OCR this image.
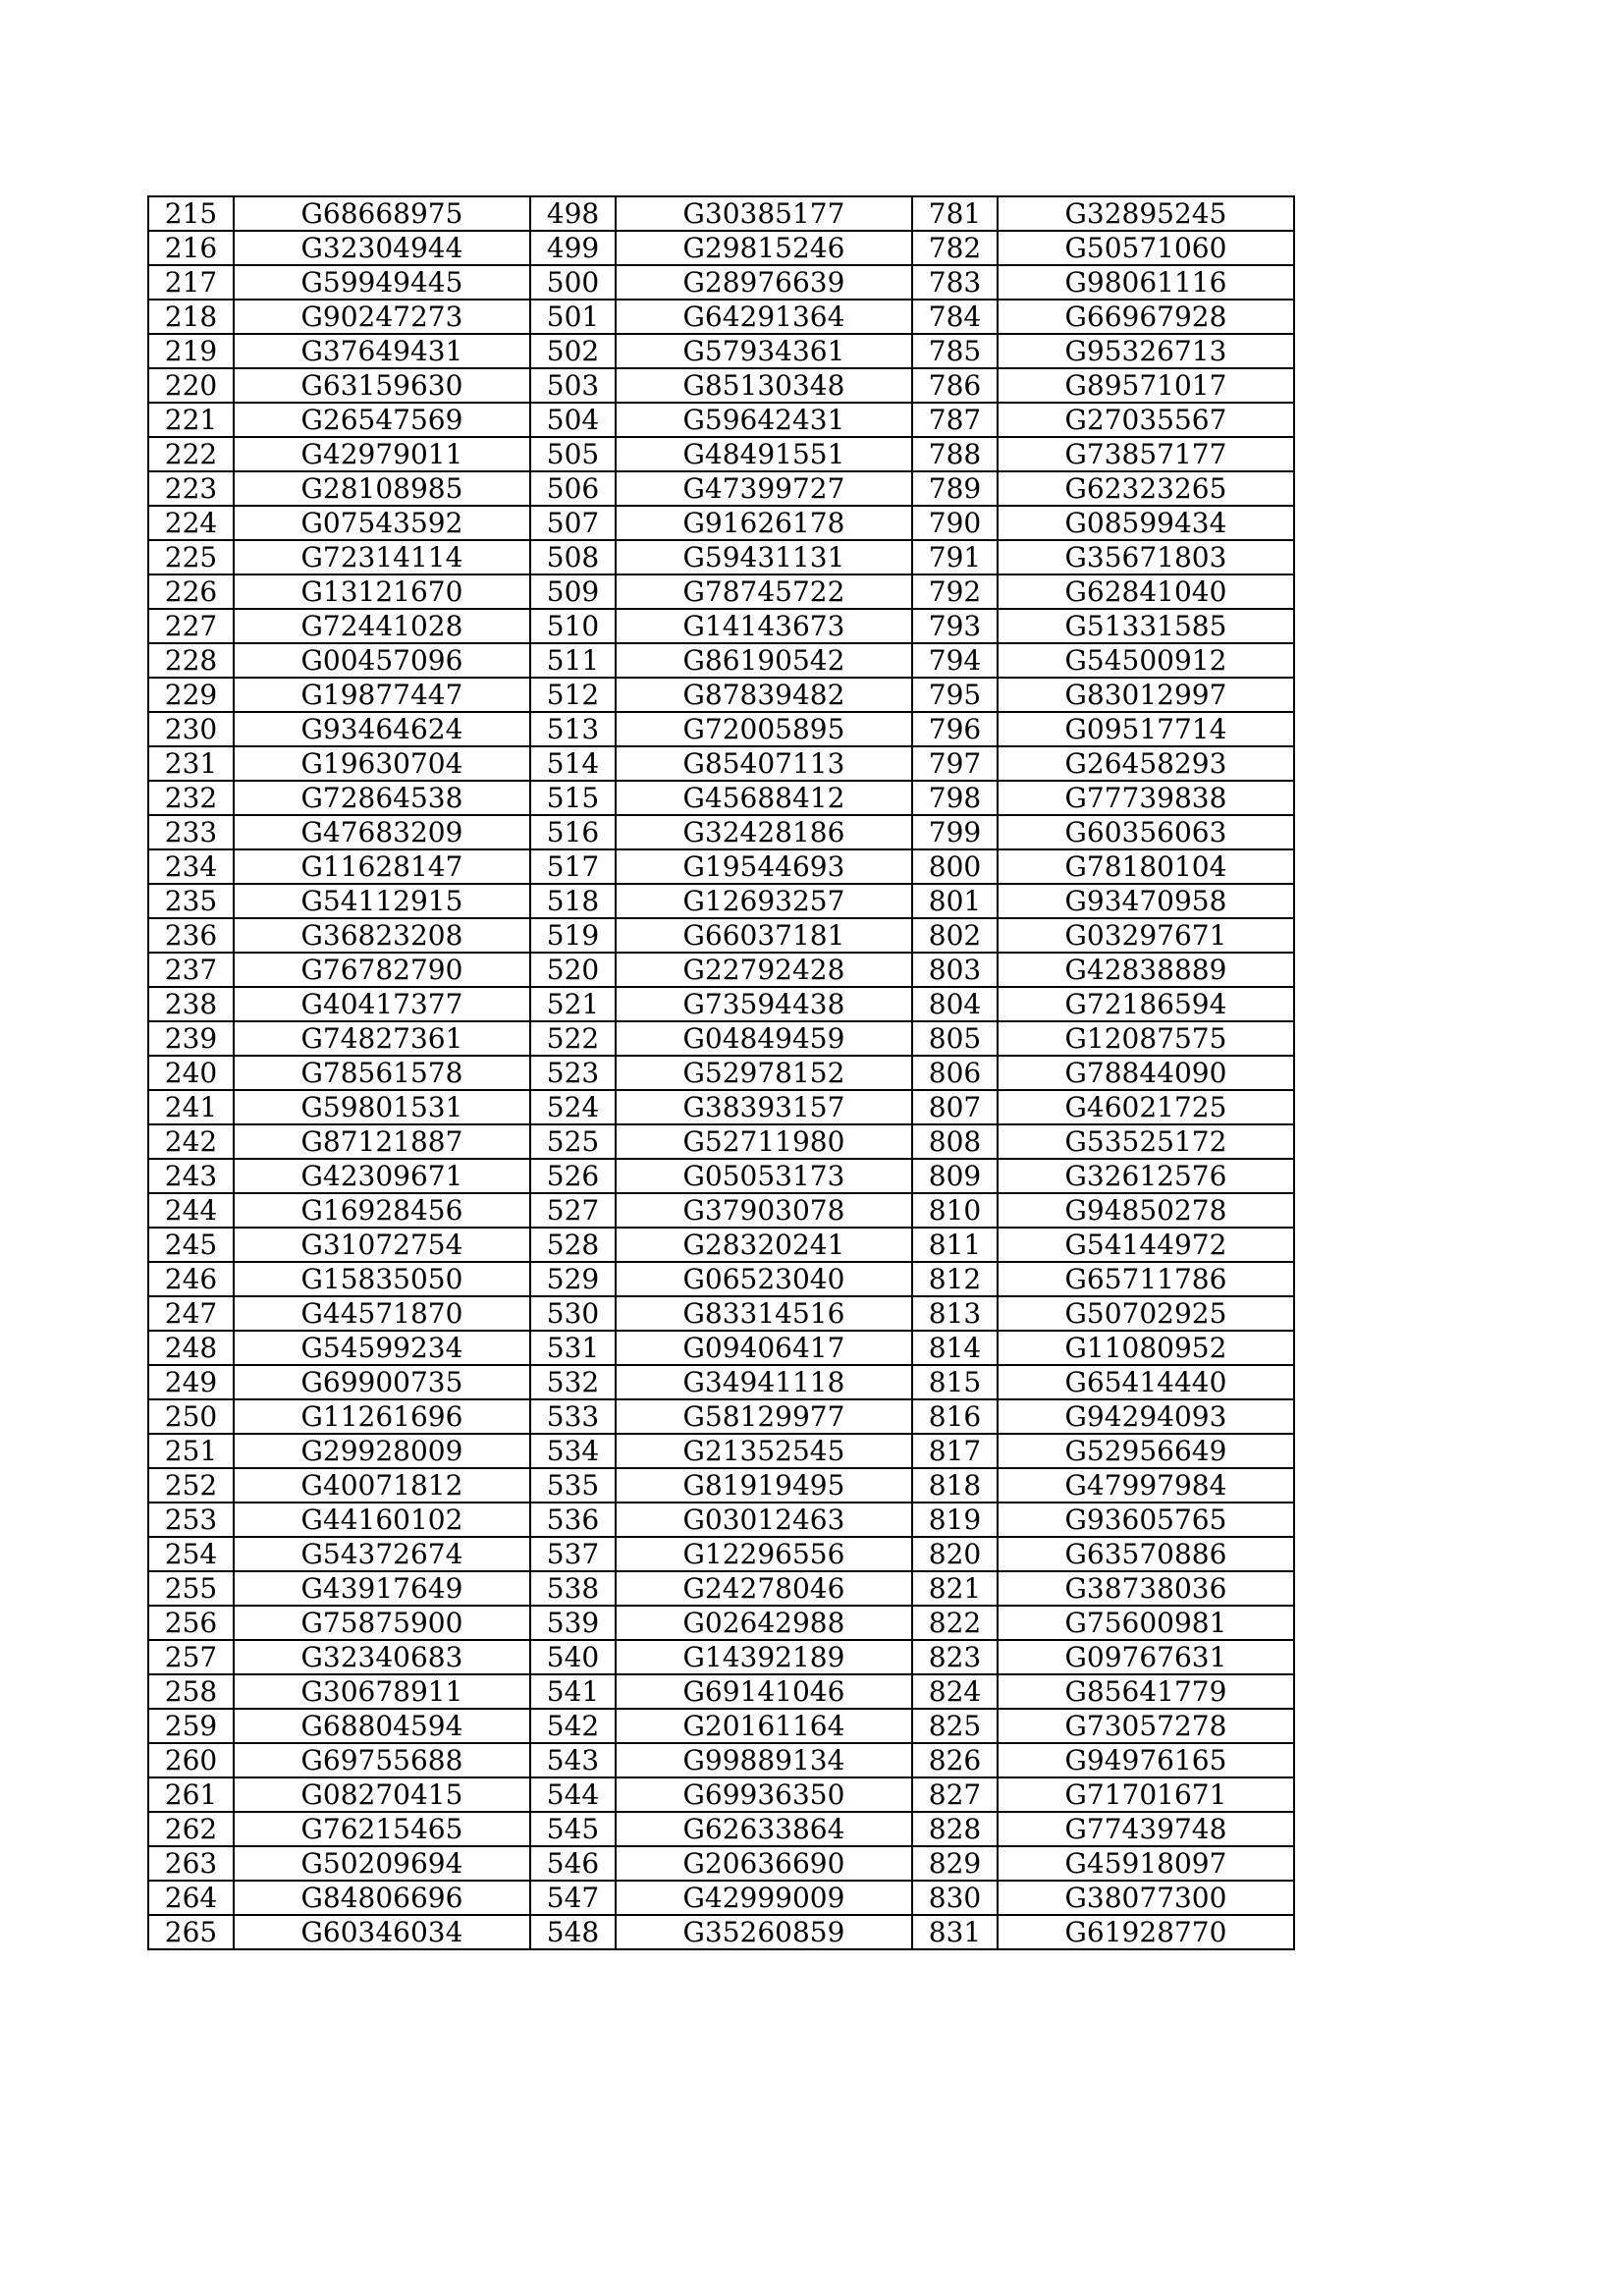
215	G68668975	498	G30385177	781	G32895245
216	G32304944	499	G29815246	782	G50571060
217	G59949445	500	G28976639	783	G98061116
218	G90247273	501	G64291364	784	G66967928
219	G37649431	502	G57934361	785	G95326713
220	G63159630	503	G85130348	786	G89571017
221	G26547569	504	G59642431	787	G27035567
222	G42979011	505	G48491551	788	G73857177
223	G28108985	506	G47399727	789	G62323265
224	G07543592	507	G91626178	790	G08599434
225	G72314114	508	G59431131	791	G35671803
226	G13121670	509	G78745722	792	G62841040
227	G72441028	510	G14143673	793	G51331585
228	G00457096	511	G86190542	794	G54500912
229	G19877447	512	G87839482	795	G83012997
230	G93464624	513	G72005895	796	G09517714
231	G19630704	514	G85407113	797	G26458293
232	G72864538	515	G45688412	798	G77739838
233	G47683209	516	G32428186	799	G60356063
234	G11628147	517	G19544693	800	G78180104
235	G54112915	518	G12693257	801	G93470958
236	G36823208	519	G66037181	802	G03297671
237	G76782790	520	G22792428	803	G42838889
238	G40417377	521	G73594438	804	G72186594
239	G74827361	522	G04849459	805	G12087575
240	G78561578	523	G52978152	806	G78844090
241	G59801531	524	G38393157	807	G46021725
242	G87121887	525	G52711980	808	G53525172
243	G42309671	526	G05053173	809	G32612576
244	G16928456	527	G37903078	810	G94850278
245	G31072754	528	G28320241	811	G54144972
246	G15835050	529	G06523040	812	G65711786
247	G44571870	530	G83314516	813	G50702925
248	G54599234	531	G09406417	814	G11080952
249	G69900735	532	G34941118	815	G65414440
250	G11261696	533	G58129977	816	G94294093
251	G29928009	534	G21352545	817	G52956649
252	G40071812	535	G81919495	818	G47997984
253	G44160102	536	G03012463	819	G93605765
254	G54372674	537	G12296556	820	G63570886
255	G43917649	538	G24278046	821	G38738036
256	G75875900	539	G02642988	822	G75600981
257	G32340683	540	G14392189	823	G09767631
258	G30678911	541	G69141046	824	G85641779
259	G68804594	542	G20161164	825	G73057278
260	G69755688	543	G99889134	826	G94976165
261	G08270415	544	G69936350	827	G71701671
262	G76215465	545	G62633864	828	G77439748
263	G50209694	546	G20636690	829	G45918097
264	G84806696	547	G42999009	830	G38077300
265	G60346034	548	G35260859	831	G61928770
